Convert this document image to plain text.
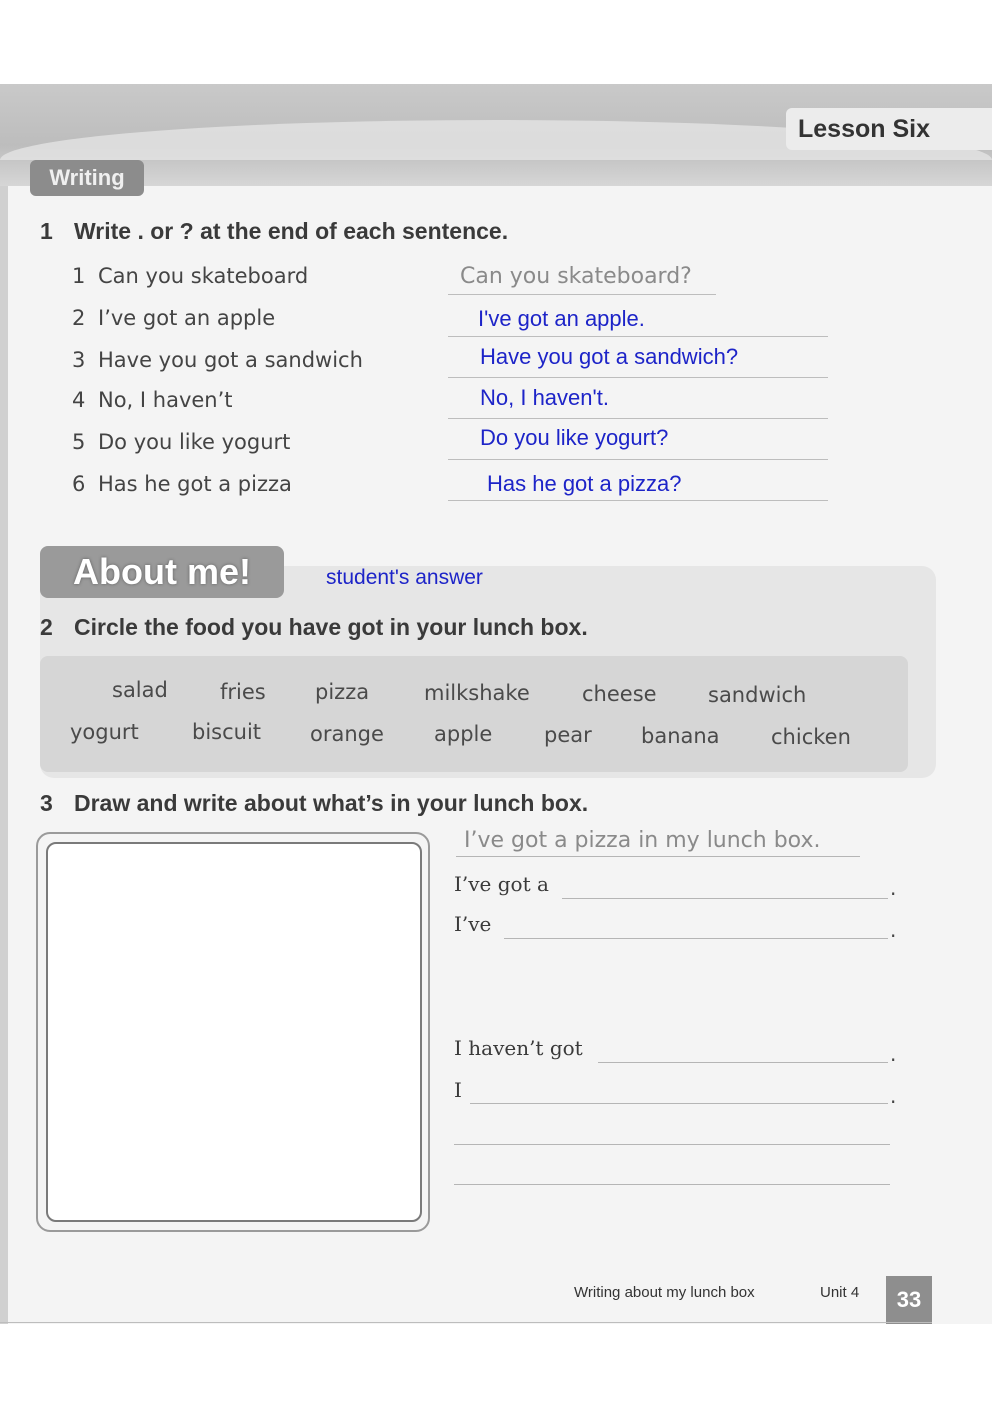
Lesson Six
Writing
1 Write . or ? at the end of each sentence.
1 Can you skateboard	Can you skateboard?
2 I’ve got an apple	I've got an apple.
3 Have you got a sandwich	Have you got a sandwich?
4 No, I haven’t	No, I haven't.
5 Do you like yogurt	Do you like yogurt?
6 Has he got a pizza	Has he got a pizza?
About me!	student's answer
2 Circle the food you have got in your lunch box.
salad fries pizza	milkshake cheese sandwich
yogurt	biscuit orange apple pear banana chicken
3 Draw and write about what’s in your lunch box.
I’ve got a pizza in my lunch box.
I’ve got a	.
I’ve	.
I haven’t got	.
I	.
Writing about my lunch box	Unit 4	33
